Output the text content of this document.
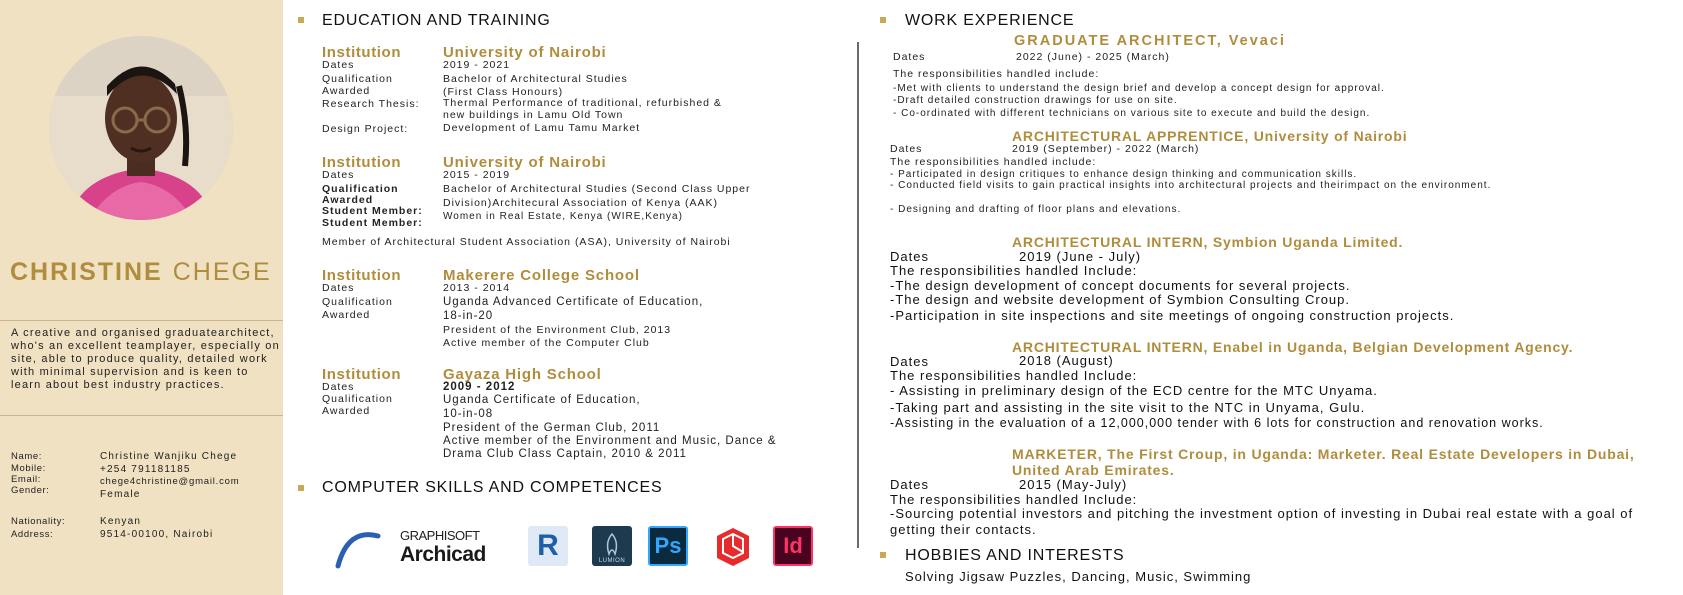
CHRISTINE CHEGE
A creative and organised graduatearchitect, who's an excellent teamplayer, especially on site, able to produce quality, detailed work with minimal supervision and is keen to learn about best industry practices.
Name:	Christine Wanjiku Chege
Mobile:	+254 791181185
Email:	chege4christine@gmail.com
Gender:	Female
Nationality:	Kenyan
Address:	9514-00100, Nairobi
EDUCATION AND TRAINING
Institution	University of Nairobi
Dates	2019 - 2021
Qualification	Bachelor of Architectural Studies
Awarded	(First Class Honours)
Research Thesis: Thermal Performance of traditional, refurbished &
new buildings in Lamu Old Town
Design Project:	Development of Lamu Tamu Market
Institution	University of Nairobi
Dates	2015 - 2019
Qualification	Bachelor of Architectural Studies (Second Class Upper
Awarded	Division)Architecural Association of Kenya (AAK)
Student Member: Women in Real Estate, Kenya (WIRE,Kenya)
Student Member:
Member of Architectural Student Association (ASA), University of Nairobi
Institution	Makerere College School
Dates	2013 - 2014
Qualification	Uganda Advanced Certificate of Education,
Awarded	18-in-20
President of the Environment Club, 2013
Active member of the Computer Club
Institution	Gayaza High School
Dates	2009 - 2012
Qualification	Uganda Certificate of Education,
Awarded	10-in-08
President of the German Club, 2011
Active member of the Environment and Music, Dance &
Drama Club Class Captain, 2010 & 2011
COMPUTER SKILLS AND COMPETENCES
GRAPHISOFT
Archicad	R	LUMION
Ps	Id
WORK EXPERIENCE
GRADUATE ARCHITECT, Vevaci
Dates	2022 (June) - 2025 (March)
The responsibilities handled include:
-Met with clients to understand the design brief and develop a concept design for approval.
-Draft detailed construction drawings for use on site.
- Co-ordinated with different technicians on various site to execute and build the design.
ARCHITECTURAL APPRENTICE, University of Nairobi
Dates	2019 (September) - 2022 (March)
The responsibilities handled include:
- Participated in design critiques to enhance design thinking and communication skills.
- Conducted field visits to gain practical insights into architectural projects and theirimpact on the environment.
- Designing and drafting of floor plans and elevations.
ARCHITECTURAL INTERN, Symbion Uganda Limited.
Dates	2019 (June - July)
The responsibilities handled Include:
-The design development of concept documents for several projects.
-The design and website development of Symbion Consulting Croup.
-Participation in site inspections and site meetings of ongoing construction projects.
ARCHITECTURAL INTERN, Enabel in Uganda, Belgian Development Agency.
Dates	2018 (August)
The responsibilities handled Include:
- Assisting in preliminary design of the ECD centre for the MTC Unyama.
-Taking part and assisting in the site visit to the NTC in Unyama, Gulu.
-Assisting in the evaluation of a 12,000,000 tender with 6 lots for construction and renovation works.
MARKETER, The First Croup, in Uganda: Marketer. Real Estate Developers in Dubai, United Arab Emirates.
Dates	2015 (May-July)
The responsibilities handled Include:
-Sourcing potential investors and pitching the investment option of investing in Dubai real estate with a goal of getting their contacts.
HOBBIES AND INTERESTS
Solving Jigsaw Puzzles, Dancing, Music, Swimming
